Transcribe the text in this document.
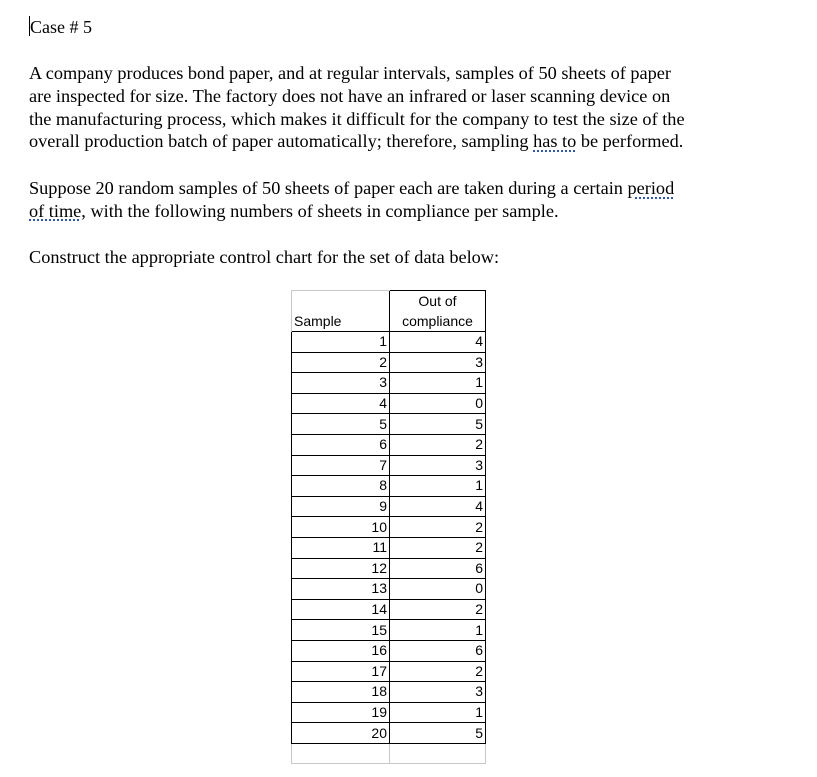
Case # 5

A company produces bond paper, and at regular intervals, samples of 50 sheets of paper
are inspected for size. The factory does not have an infrared or laser scanning device on
the manufacturing process, which makes it difficult for the company to test the size of the
overall production batch of paper automatically; therefore, sampling has to be performed.

Suppose 20 random samples of 50 sheets of paper each are taken during a certain period
of time, with the following numbers of sheets in compliance per sample.

Construct the appropriate control chart for the set of data below:

Sample	Out of
compliance
1	4
2	3
3	1
4	0
5	5
6	2
7	3
8	1
9	4
10	2
11	2
12	6
13	0
14	2
15	1
16	6
17	2
18	3
19	1
20	5
